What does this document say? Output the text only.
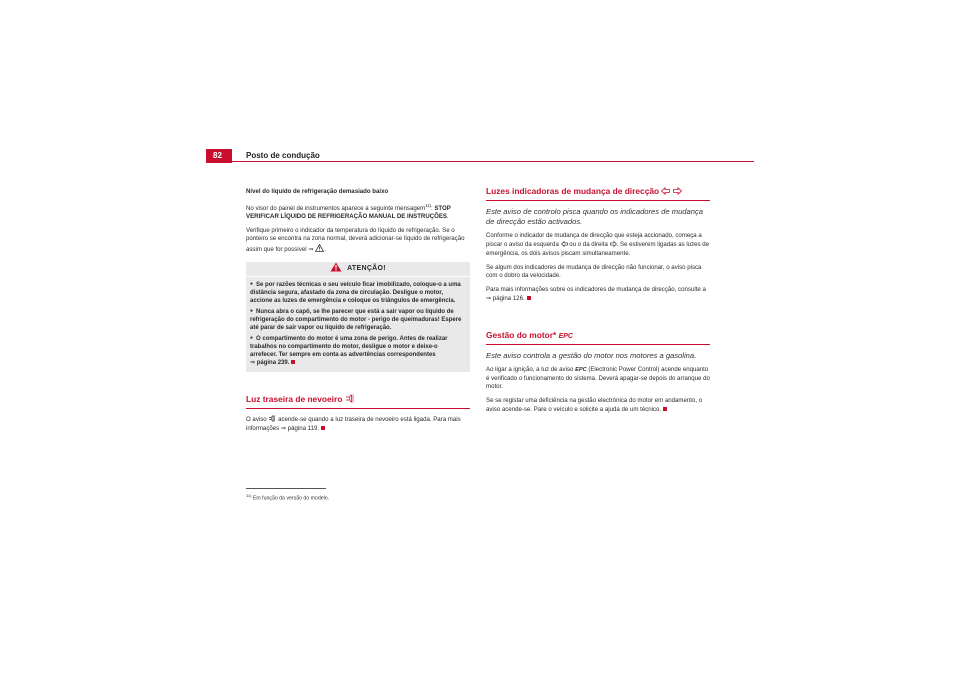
82	Posto de condução

Nível do líquido de refrigeração demasiado baixo

No visor do painel de instrumentos aparece a seguinte mensagem$^{11)}$: STOP VERIFICAR LÍQUIDO DE REFRIGERAÇÃO MANUAL DE INSTRUÇÕES.

Verifique primeiro o indicador da temperatura do líquido de refrigeração. Se o ponteiro se encontra na zona normal, deverá adicionar-se líquido de refrigeração assim que for possível ⇒ .

ATENÇÃO!
● Se por razões técnicas o seu veículo ficar imobilizado, coloque-o a uma distância segura, afastado da zona de circulação. Desligue o motor, accione as luzes de emergência e coloque os triângulos de emergência.
● Nunca abra o capô, se lhe parecer que está a sair vapor ou líquido de refrigeração do compartimento do motor - perigo de queimaduras! Espere até parar de sair vapor ou líquido de refrigeração.
● O compartimento do motor é uma zona de perigo. Antes de realizar trabalhos no compartimento do motor, desligue o motor e deixe-o arrefecer. Ter sempre em conta as advertências correspondentes
⇒ página 239.
Luz traseira de nevoeiro

O aviso acende-se quando a luz traseira de nevoeiro está ligada. Para mais informações ⇒ página 119.

Luzes indicadoras de mudança de direcção

Este aviso de controlo pisca quando os indicadores de mudança de direcção estão activados.

Conforme o indicador de mudança de direcção que esteja accionado, começa a piscar o aviso da esquerda ou o da direita . Se estiverem ligadas as luzes de emergência, os dois avisos piscam simultaneamente.

Se algum dos indicadores de mudança de direcção não funcionar, o aviso pisca com o dobro da velocidade.

Para mais informações sobre os indicadores de mudança de direcção, consulte a ⇒ página 126.

Gestão do motor* EPC

Este aviso controla a gestão do motor nos motores a gasolina.

Ao ligar a ignição, a luz de aviso EPC (Electronic Power Control) acende enquanto é verificado o funcionamento do sistema. Deverá apagar-se depois do arranque do motor.

Se se registar uma deficiência na gestão electrónica do motor em andamento, o aviso acende-se. Pare o veículo e solicite a ajuda de um técnico.

$^{11)}$ Em função da versão do modelo.
